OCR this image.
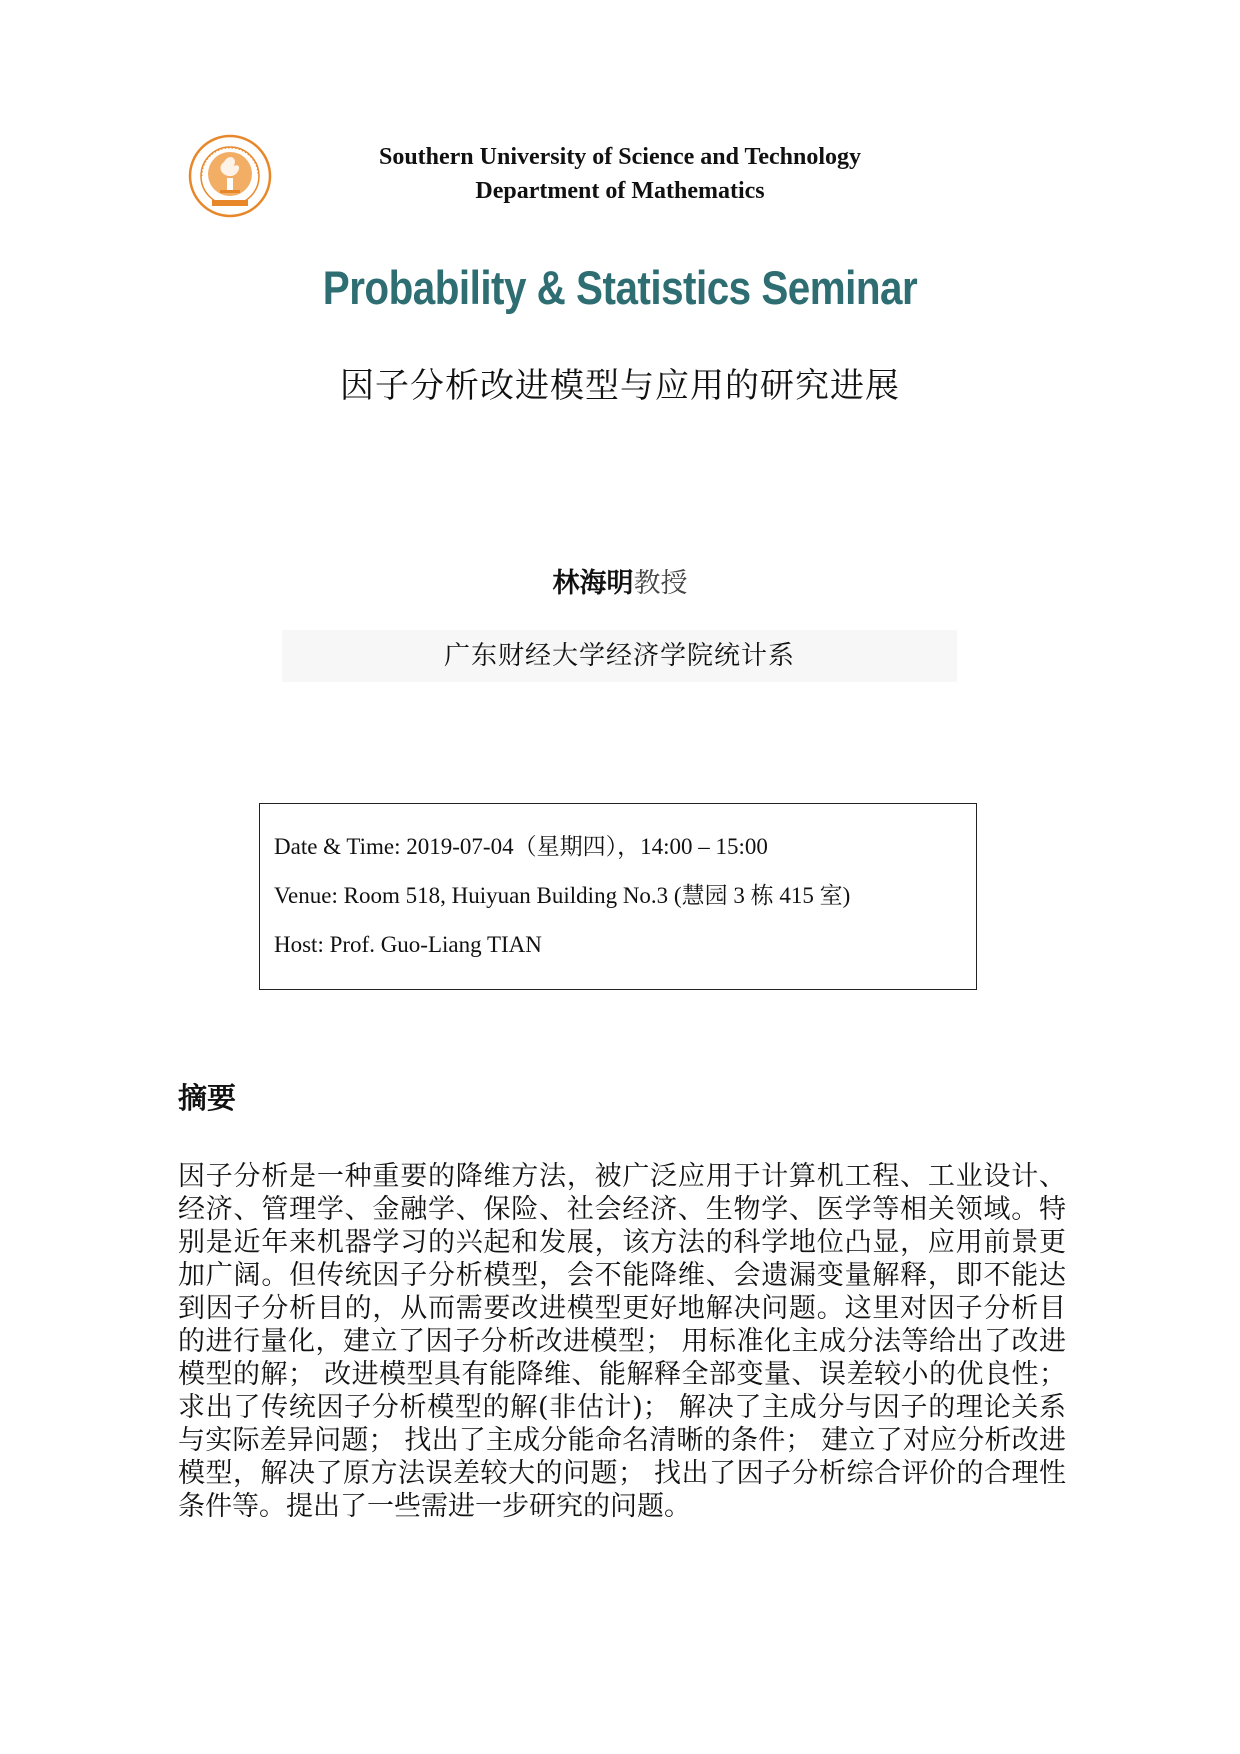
Southern University of Science and Technology
Department of Mathematics
Probability & Statistics Seminar
因子分析改进模型与应用的研究进展
林海明教授
广东财经大学经济学院统计系
Date & Time: 2019-07-04（星期四），14:00 – 15:00
Venue: Room 518, Huiyuan Building No.3 (慧园 3 栋 415 室)
Host: Prof. Guo-Liang TIAN
摘要
因子分析是一种重要的降维方法，被广泛应用于计算机工程、工业设计、经济、管理学、金融学、保险、社会经济、生物学、医学等相关领域。特别是近年来机器学习的兴起和发展，该方法的科学地位凸显，应用前景更加广阔。但传统因子分析模型，会不能降维、会遗漏变量解释，即不能达到因子分析目的，从而需要改进模型更好地解决问题。这里对因子分析目的进行量化，建立了因子分析改进模型； 用标准化主成分法等给出了改进模型的解； 改进模型具有能降维、能解释全部变量、误差较小的优良性； 求出了传统因子分析模型的解(非估计)； 解决了主成分与因子的理论关系与实际差异问题； 找出了主成分能命名清晰的条件； 建立了对应分析改进模型，解决了原方法误差较大的问题； 找出了因子分析综合评价的合理性条件等。提出了一些需进一步研究的问题。
